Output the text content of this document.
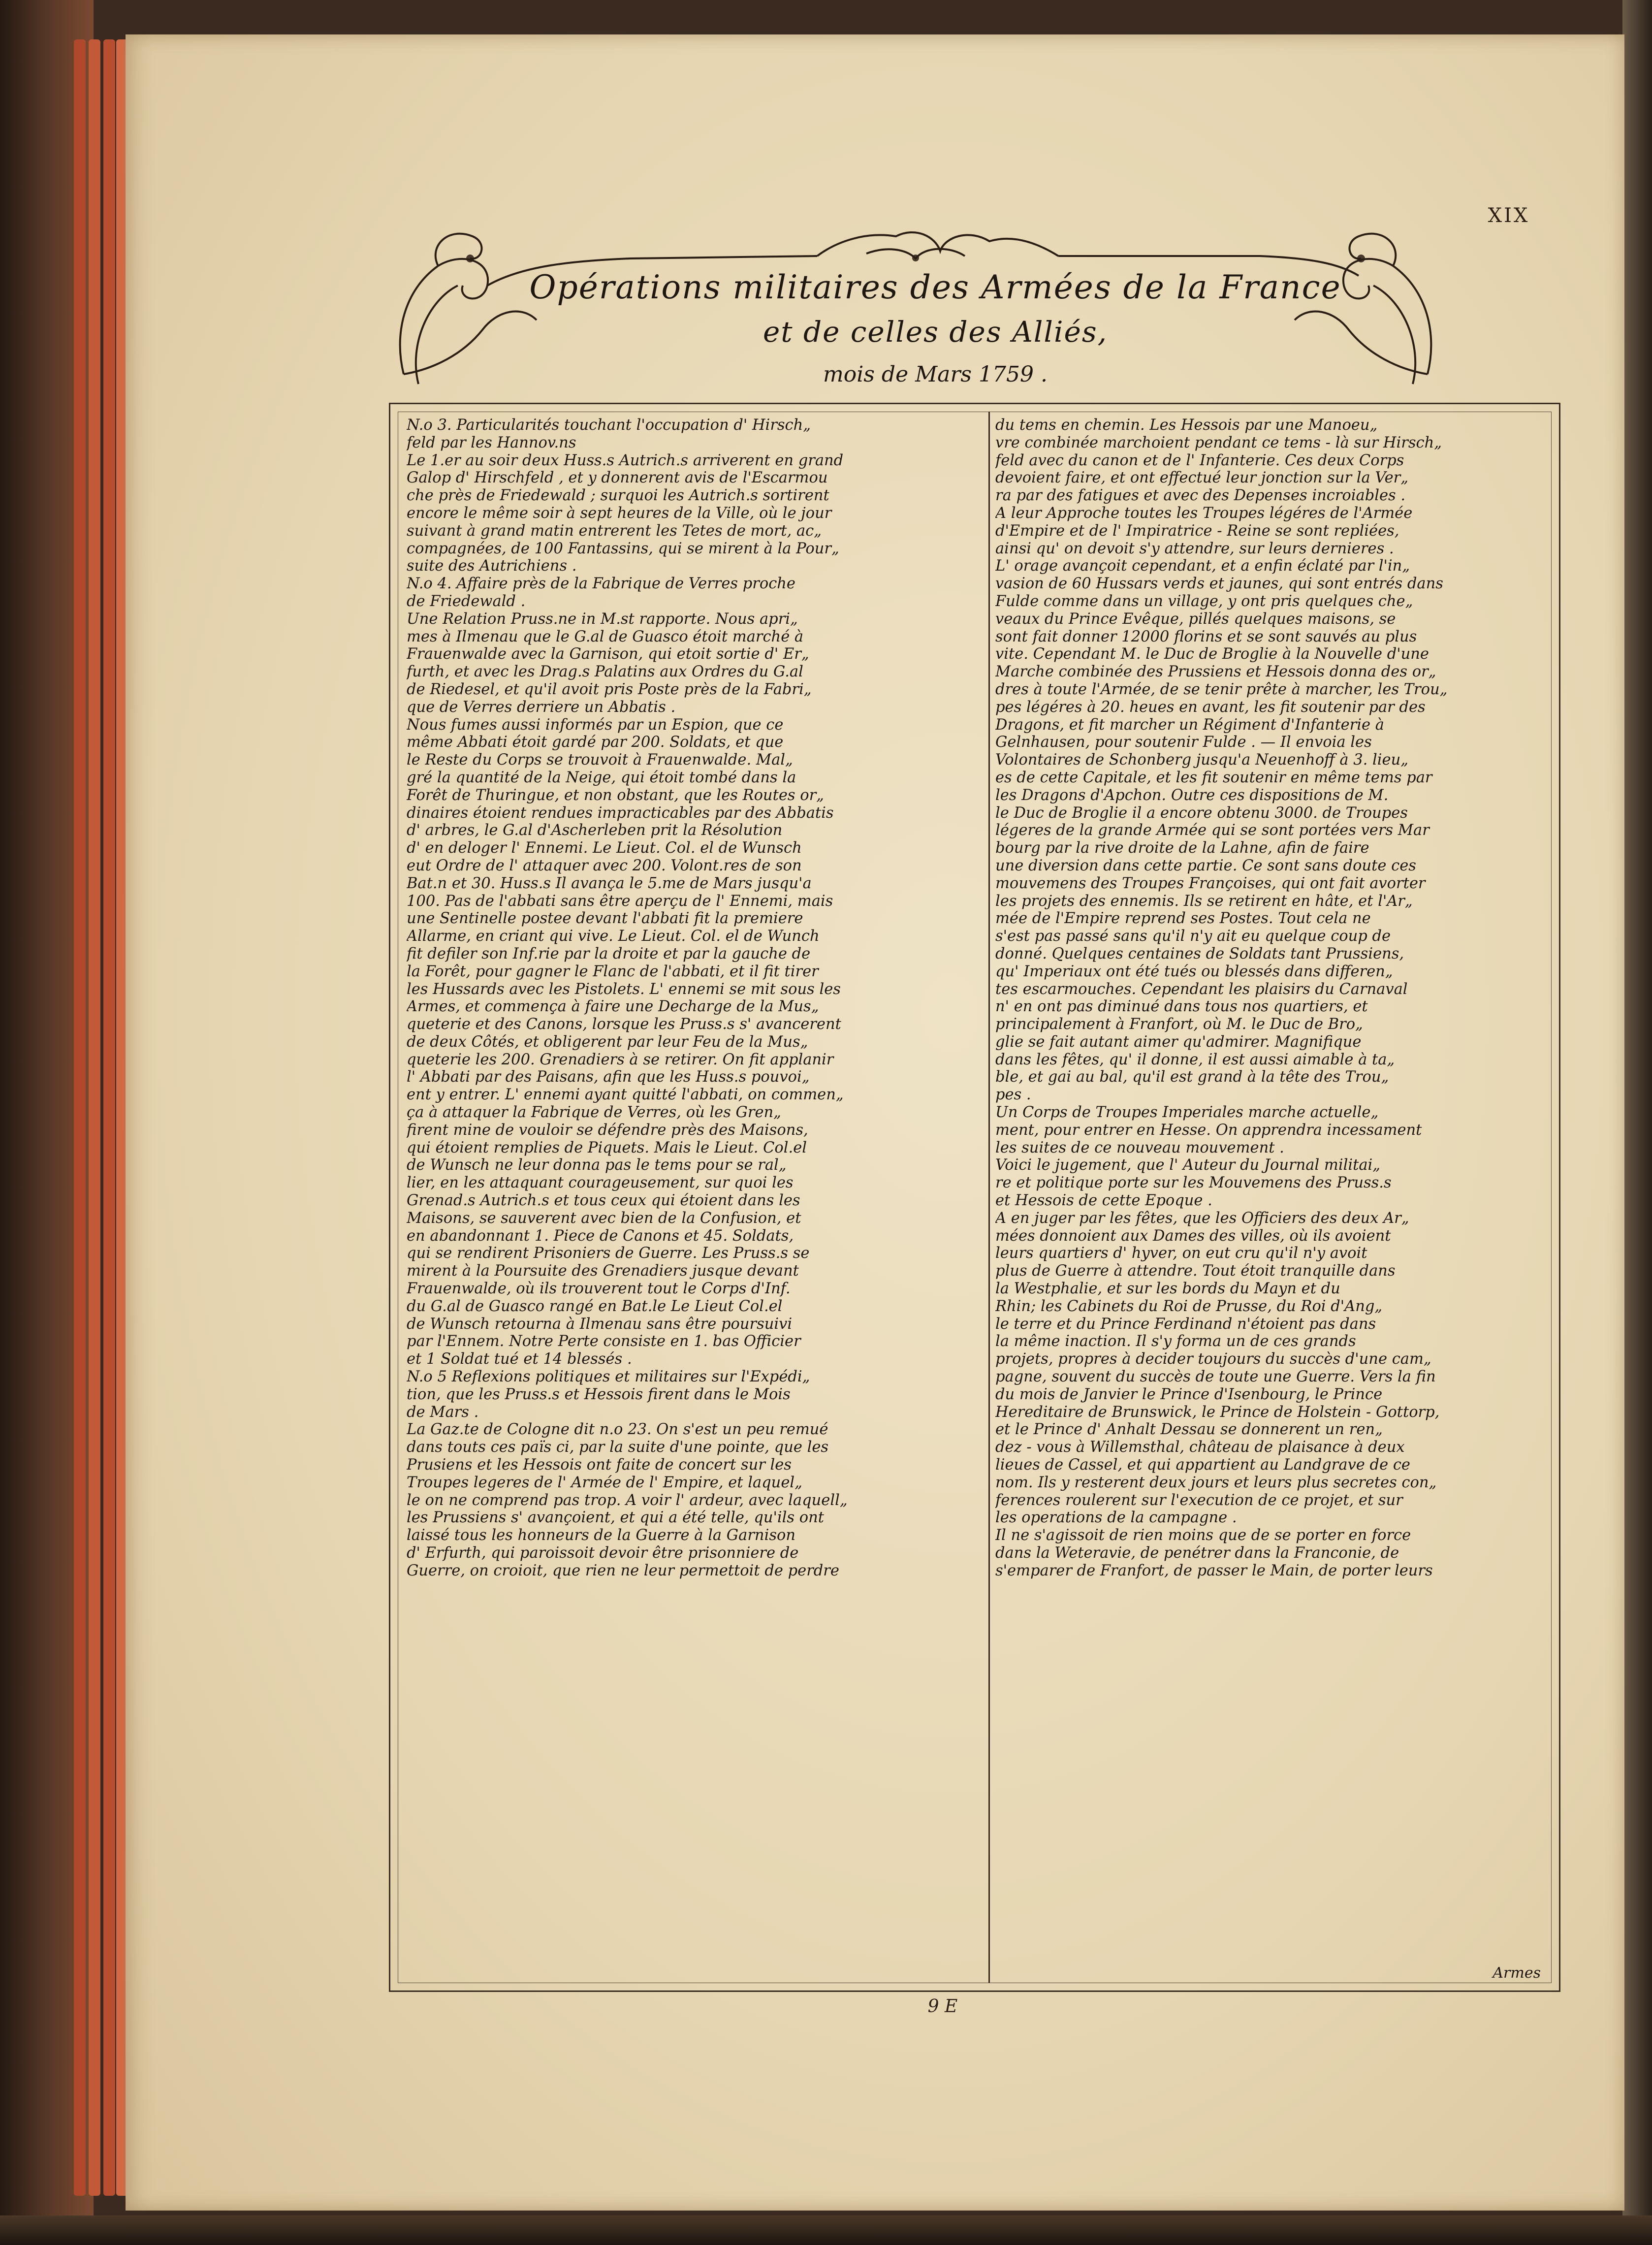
XIX

Opérations militaires des Armées de la France

et de celles des Alliés,

mois de Mars 1759 .

N.o 3. Particularités touchant l'occupation d' Hirsch„

feld par les Hannov.ns

Le 1.er au soir deux Huss.s Autrich.s arriverent en grand

Galop d' Hirschfeld , et y donnerent avis de l'Escarmou

che près de Friedewald ; surquoi les Autrich.s sortirent

encore le même soir à sept heures de la Ville, où le jour

suivant à grand matin entrerent les Tetes de mort, ac„

compagnées, de 100 Fantassins, qui se mirent à la Pour„

suite des Autrichiens .

N.o 4. Affaire près de la Fabrique de Verres proche

de Friedewald .

Une Relation Pruss.ne in M.st rapporte. Nous apri„

mes à Ilmenau que le G.al de Guasco étoit marché à

Frauenwalde avec la Garnison, qui etoit sortie d' Er„

furth, et avec les Drag.s Palatins aux Ordres du G.al

de Riedesel, et qu'il avoit pris Poste près de la Fabri„

que de Verres derriere un Abbatis .

Nous fumes aussi informés par un Espion, que ce

même Abbati étoit gardé par 200. Soldats, et que

le Reste du Corps se trouvoit à Frauenwalde. Mal„

gré la quantité de la Neige, qui étoit tombé dans la

Forêt de Thuringue, et non obstant, que les Routes or„

dinaires étoient rendues impracticables par des Abbatis

d' arbres, le G.al d'Ascherleben prit la Résolution

d' en deloger l' Ennemi. Le Lieut. Col. el de Wunsch

eut Ordre de l' attaquer avec 200. Volont.res de son

Bat.n et 30. Huss.s Il avança le 5.me de Mars jusqu'a

100. Pas de l'abbati sans être aperçu de l' Ennemi, mais

une Sentinelle postee devant l'abbati fit la premiere

Allarme, en criant qui vive. Le Lieut. Col. el de Wunch

fit defiler son Inf.rie par la droite et par la gauche de

la Forêt, pour gagner le Flanc de l'abbati, et il fit tirer

les Hussards avec les Pistolets. L' ennemi se mit sous les

Armes, et commença à faire une Decharge de la Mus„

queterie et des Canons, lorsque les Pruss.s s' avancerent

de deux Côtés, et obligerent par leur Feu de la Mus„

queterie les 200. Grenadiers à se retirer. On fit applanir

l' Abbati par des Paisans, afin que les Huss.s pouvoi„

ent y entrer. L' ennemi ayant quitté l'abbati, on commen„

ça à attaquer la Fabrique de Verres, où les Gren„

firent mine de vouloir se défendre près des Maisons,

qui étoient remplies de Piquets. Mais le Lieut. Col.el

de Wunsch ne leur donna pas le tems pour se ral„

lier, en les attaquant courageusement, sur quoi les

Grenad.s Autrich.s et tous ceux qui étoient dans les

Maisons, se sauverent avec bien de la Confusion, et

en abandonnant 1. Piece de Canons et 45. Soldats,

qui se rendirent Prisoniers de Guerre. Les Pruss.s se

mirent à la Poursuite des Grenadiers jusque devant

Frauenwalde, où ils trouverent tout le Corps d'Inf.

du G.al de Guasco rangé en Bat.le Le Lieut Col.el

de Wunsch retourna à Ilmenau sans être poursuivi

par l'Ennem. Notre Perte consiste en 1. bas Officier

et 1 Soldat tué et 14 blessés .

N.o 5 Reflexions politiques et militaires sur l'Expédi„

tion, que les Pruss.s et Hessois firent dans le Mois

de Mars .

La Gaz.te de Cologne dit n.o 23. On s'est un peu remué

dans touts ces païs ci, par la suite d'une pointe, que les

Prusiens et les Hessois ont faite de concert sur les

Troupes legeres de l' Armée de l' Empire, et laquel„

le on ne comprend pas trop. A voir l' ardeur, avec laquell„

les Prussiens s' avançoient, et qui a été telle, qu'ils ont

laissé tous les honneurs de la Guerre à la Garnison

d' Erfurth, qui paroissoit devoir être prisonniere de

Guerre, on croioit, que rien ne leur permettoit de perdre

du tems en chemin. Les Hessois par une Manoeu„

vre combinée marchoient pendant ce tems - là sur Hirsch„

feld avec du canon et de l' Infanterie. Ces deux Corps

devoient faire, et ont effectué leur jonction sur la Ver„

ra par des fatigues et avec des Depenses incroiables .

A leur Approche toutes les Troupes légéres de l'Armée

d'Empire et de l' Impiratrice - Reine se sont repliées,

ainsi qu' on devoit s'y attendre, sur leurs dernieres .

L' orage avançoit cependant, et a enfin éclaté par l'in„

vasion de 60 Hussars verds et jaunes, qui sont entrés dans

Fulde comme dans un village, y ont pris quelques che„

veaux du Prince Evêque, pillés quelques maisons, se

sont fait donner 12000 florins et se sont sauvés au plus

vite. Cependant M. le Duc de Broglie à la Nouvelle d'une

Marche combinée des Prussiens et Hessois donna des or„

dres à toute l'Armée, de se tenir prête à marcher, les Trou„

pes légéres à 20. heues en avant, les fit soutenir par des

Dragons, et fit marcher un Régiment d'Infanterie à

Gelnhausen, pour soutenir Fulde . — Il envoia les

Volontaires de Schonberg jusqu'a Neuenhoff à 3. lieu„

es de cette Capitale, et les fit soutenir en même tems par

les Dragons d'Apchon. Outre ces dispositions de M.

le Duc de Broglie il a encore obtenu 3000. de Troupes

légeres de la grande Armée qui se sont portées vers Mar

bourg par la rive droite de la Lahne, afin de faire

une diversion dans cette partie. Ce sont sans doute ces

mouvemens des Troupes Françoises, qui ont fait avorter

les projets des ennemis. Ils se retirent en hâte, et l'Ar„

mée de l'Empire reprend ses Postes. Tout cela ne

s'est pas passé sans qu'il n'y ait eu quelque coup de

donné. Quelques centaines de Soldats tant Prussiens,

qu' Imperiaux ont été tués ou blessés dans differen„

tes escarmouches. Cependant les plaisirs du Carnaval

n' en ont pas diminué dans tous nos quartiers, et

principalement à Franfort, où M. le Duc de Bro„

glie se fait autant aimer qu'admirer. Magnifique

dans les fêtes, qu' il donne, il est aussi aimable à ta„

ble, et gai au bal, qu'il est grand à la tête des Trou„

pes .

Un Corps de Troupes Imperiales marche actuelle„

ment, pour entrer en Hesse. On apprendra incessament

les suites de ce nouveau mouvement .

Voici le jugement, que l' Auteur du Journal militai„

re et politique porte sur les Mouvemens des Pruss.s

et Hessois de cette Epoque .

A en juger par les fêtes, que les Officiers des deux Ar„

mées donnoient aux Dames des villes, où ils avoient

leurs quartiers d' hyver, on eut cru qu'il n'y avoit

plus de Guerre à attendre. Tout étoit tranquille dans

la Westphalie, et sur les bords du Mayn et du

Rhin; les Cabinets du Roi de Prusse, du Roi d'Ang„

le terre et du Prince Ferdinand n'étoient pas dans

la même inaction. Il s'y forma un de ces grands

projets, propres à decider toujours du succès d'une cam„

pagne, souvent du succès de toute une Guerre. Vers la fin

du mois de Janvier le Prince d'Isenbourg, le Prince

Hereditaire de Brunswick, le Prince de Holstein - Gottorp,

et le Prince d' Anhalt Dessau se donnerent un ren„

dez - vous à Willemsthal, château de plaisance à deux

lieues de Cassel, et qui appartient au Landgrave de ce

nom. Ils y resterent deux jours et leurs plus secretes con„

ferences roulerent sur l'execution de ce projet, et sur

les operations de la campagne .

Il ne s'agissoit de rien moins que de se porter en force

dans la Weteravie, de penétrer dans la Franconie, de

s'emparer de Franfort, de passer le Main, de porter leurs

Armes

9 E
